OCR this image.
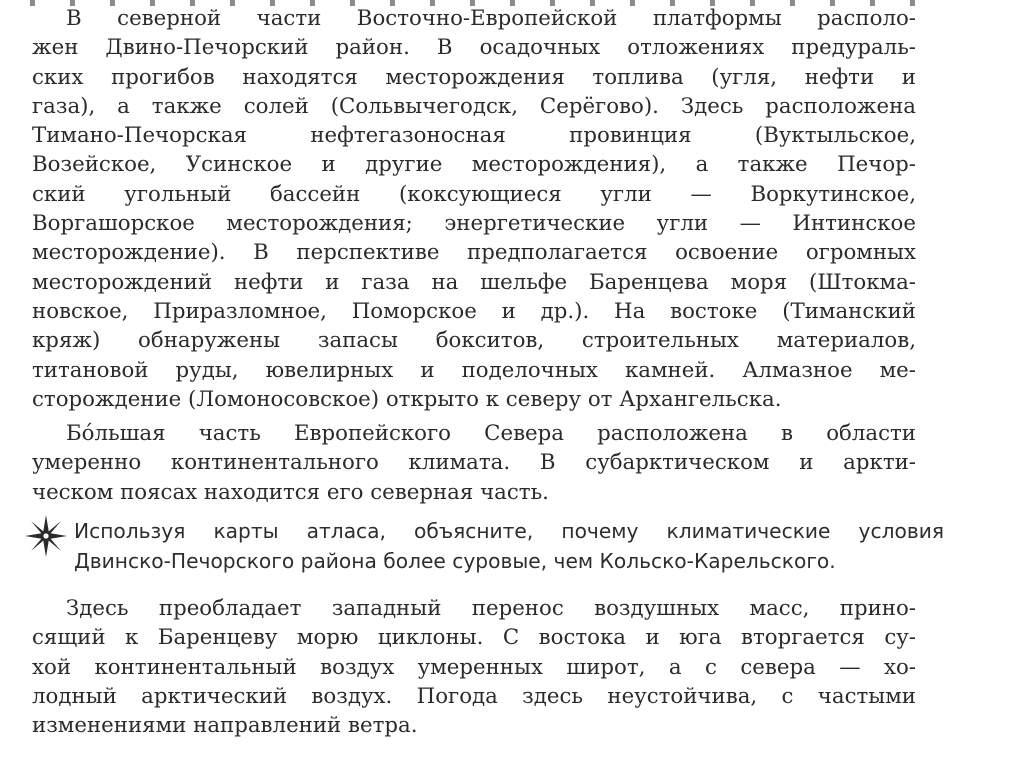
В северной части Восточно-Европейской платформы располо-
жен Двино-Печорский район. В осадочных отложениях предураль-
ских прогибов находятся месторождения топлива (угля, нефти и
газа), а также солей (Сольвычегодск, Серёгово). Здесь расположена
Тимано-Печорская нефтегазоносная провинция (Вуктыльское,
Возейское, Усинское и другие месторождения), а также Печор-
ский угольный бассейн (коксующиеся угли — Воркутинское,
Воргашорское месторождения; энергетические угли — Интинское
месторождение). В перспективе предполагается освоение огромных
месторождений нефти и газа на шельфе Баренцева моря (Штокма-
новское, Приразломное, Поморское и др.). На востоке (Тиманский
кряж) обнаружены запасы бокситов, строительных материалов,
титановой руды, ювелирных и поделочных камней. Алмазное ме-
сторождение (Ломоносовское) открыто к северу от Архангельска.
Бóльшая часть Европейского Севера расположена в области
умеренно континентального климата. В субарктическом и аркти-
ческом поясах находится его северная часть.
Используя карты атласа, объясните, почему климатические условия
Двинско-Печорского района более суровые, чем Кольско-Карельского.
Здесь преобладает западный перенос воздушных масс, прино-
сящий к Баренцеву морю циклоны. С востока и юга вторгается су-
хой континентальный воздух умеренных широт, а с севера — хо-
лодный арктический воздух. Погода здесь неустойчива, с частыми
изменениями направлений ветра.
